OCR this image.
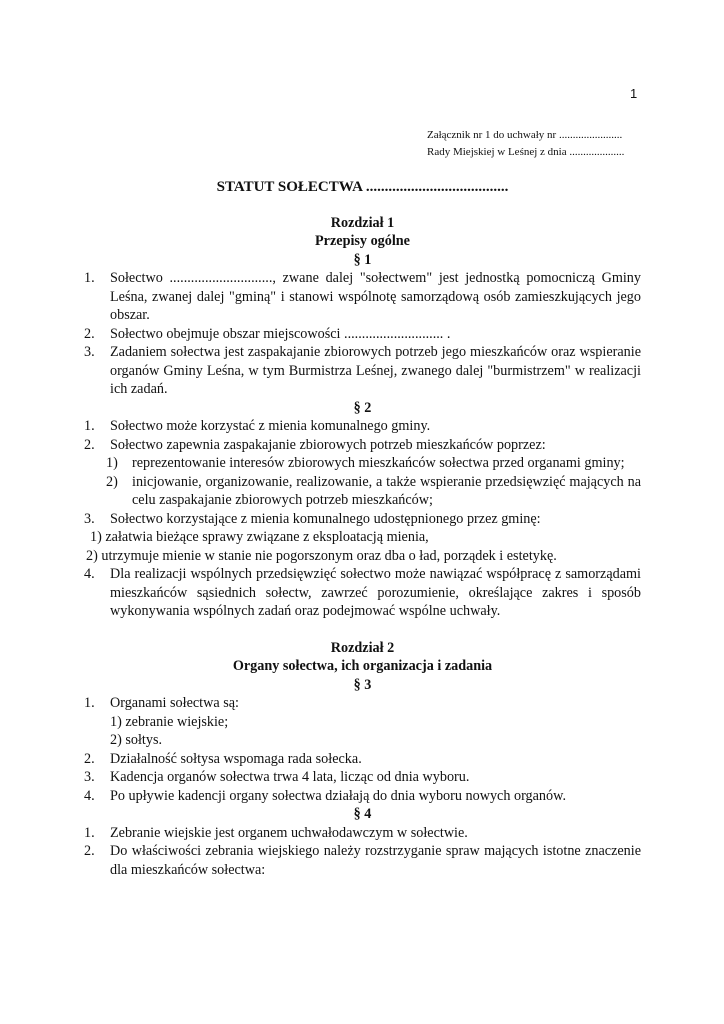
1
Załącznik nr 1 do uchwały nr .......................
Rady Miejskiej w Leśnej z dnia ....................
STATUT SOŁECTWA ......................................
Rozdział 1
Przepisy ogólne
§ 1
1.	Sołectwo ............................., zwane dalej "sołectwem" jest jednostką pomocniczą Gminy Leśna, zwanej dalej "gminą" i stanowi wspólnotę samorządową osób zamieszkujących jego obszar.
2.	Sołectwo obejmuje obszar miejscowości ............................ .
3.	Zadaniem sołectwa jest zaspakajanie zbiorowych potrzeb jego mieszkańców oraz wspieranie organów Gminy Leśna, w tym Burmistrza Leśnej, zwanego dalej "burmistrzem" w realizacji ich zadań.
§ 2
1.	Sołectwo może korzystać z mienia komunalnego gminy.
2.	Sołectwo zapewnia zaspakajanie zbiorowych potrzeb mieszkańców poprzez:
1) reprezentowanie interesów zbiorowych mieszkańców sołectwa przed organami gminy;
2) inicjowanie, organizowanie, realizowanie, a także wspieranie przedsięwzięć mających na celu zaspakajanie zbiorowych potrzeb mieszkańców;
3.	Sołectwo korzystające z mienia komunalnego udostępnionego przez gminę:
1) załatwia bieżące sprawy związane z eksploatacją mienia,
2) utrzymuje mienie w stanie nie pogorszonym oraz dba o ład, porządek i estetykę.
4.	Dla realizacji wspólnych przedsięwzięć sołectwo może nawiązać współpracę z samorządami mieszkańców sąsiednich sołectw, zawrzeć porozumienie, określające zakres i sposób wykonywania wspólnych zadań oraz podejmować wspólne uchwały.
Rozdział 2
Organy sołectwa, ich organizacja i zadania
§ 3
1.	Organami sołectwa są:
1) zebranie wiejskie;
2) sołtys.
2.	Działalność sołtysa wspomaga rada sołecka.
3.	Kadencja organów sołectwa trwa 4 lata, licząc od dnia wyboru.
4.	Po upływie kadencji organy sołectwa działają do dnia wyboru nowych organów.
§ 4
1.	Zebranie wiejskie jest organem uchwałodawczym w sołectwie.
2.	Do właściwości zebrania wiejskiego należy rozstrzyganie spraw mających istotne znaczenie dla mieszkańców sołectwa:
